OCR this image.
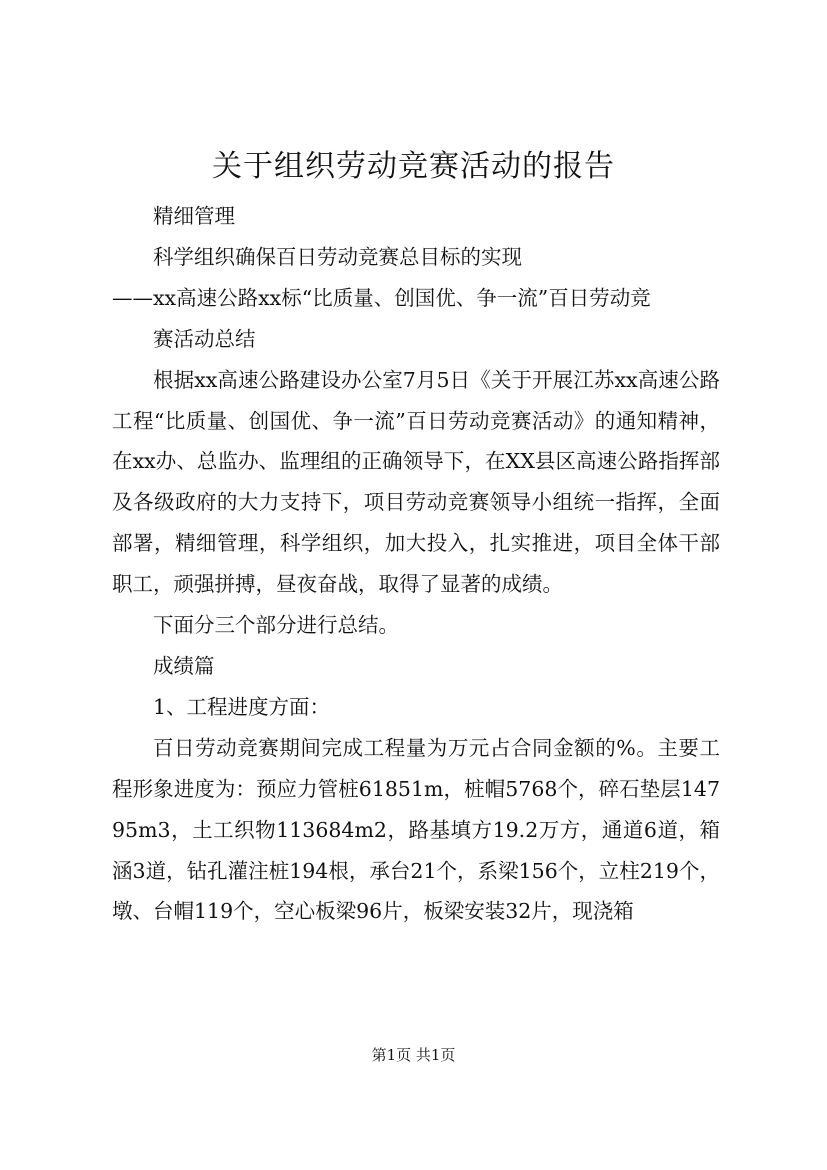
关于组织劳动竞赛活动的报告

精细管理

科学组织确保百日劳动竞赛总目标的实现

——xx高速公路xx标“比质量、创国优、争一流”百日劳动竞

赛活动总结

根据xx高速公路建设办公室7月5日《关于开展江苏xx高速公路工程“比质量、创国优、争一流”百日劳动竞赛活动》的通知精神，在xx办、总监办、监理组的正确领导下，在XX县区高速公路指挥部及各级政府的大力支持下，项目劳动竞赛领导小组统一指挥，全面部署，精细管理，科学组织，加大投入，扎实推进，项目全体干部职工，顽强拼搏，昼夜奋战，取得了显著的成绩。

下面分三个部分进行总结。

成绩篇

1、工程进度方面：

百日劳动竞赛期间完成工程量为万元占合同金额的%。主要工程形象进度为：预应力管桩61851m，桩帽5768个，碎石垫层14795m3，土工织物113684m2，路基填方19.2万方，通道6道，箱涵3道，钻孔灌注桩194根，承台21个，系梁156个，立柱219个，墩、台帽119个，空心板梁96片，板梁安装32片，现浇箱

第1页 共1页
